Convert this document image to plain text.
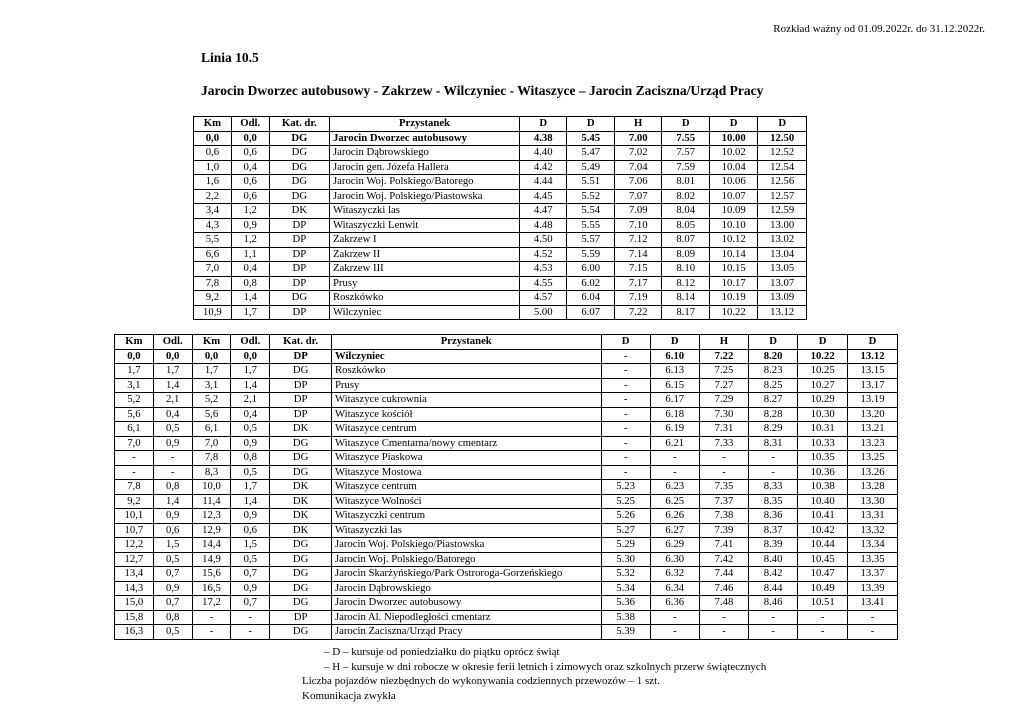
Rozkład ważny od 01.09.2022r. do 31.12.2022r.
Linia 10.5
Jarocin Dworzec autobusowy - Zakrzew - Wilczyniec - Witaszyce – Jarocin Zaciszna/Urząd Pracy
Km	Odl.	Kat. dr.	Przystanek	D	D	H	D	D	D
0,0	0,0	DG	Jarocin Dworzec autobusowy	4.38	5.45	7.00	7.55	10.00	12.50
0,6	0,6	DG	Jarocin Dąbrowskiego	4.40	5.47	7.02	7.57	10.02	12.52
1,0	0,4	DG	Jarocin gen. Józefa Hallera	4.42	5.49	7.04	7.59	10.04	12.54
1,6	0,6	DG	Jarocin Woj. Polskiego/Batorego	4.44	5.51	7.06	8.01	10.06	12.56
2,2	0,6	DG	Jarocin Woj. Polskiego/Piastowska	4.45	5.52	7.07	8.02	10.07	12.57
3,4	1,2	DK	Witaszyczki las	4.47	5.54	7.09	8.04	10.09	12.59
4,3	0,9	DP	Witaszyczki Lenwit	4.48	5.55	7.10	8.05	10.10	13.00
5,5	1,2	DP	Zakrzew I	4.50	5.57	7.12	8.07	10.12	13.02
6,6	1,1	DP	Zakrzew II	4.52	5.59	7.14	8.09	10.14	13.04
7,0	0,4	DP	Zakrzew III	4.53	6.00	7.15	8.10	10.15	13.05
7,8	0,8	DP	Prusy	4.55	6.02	7.17	8.12	10.17	13.07
9,2	1,4	DG	Roszkówko	4.57	6.04	7.19	8.14	10.19	13.09
10,9	1,7	DP	Wilczyniec	5.00	6.07	7.22	8.17	10.22	13.12
Km	Odl.	Km	Odl.	Kat. dr.	Przystanek	D	D	H	D	D	D
0,0	0,0	0,0	0,0	DP	Wilczyniec	-	6.10	7.22	8.20	10.22	13.12
1,7	1,7	1,7	1,7	DG	Roszkówko	-	6.13	7.25	8.23	10.25	13.15
3,1	1,4	3,1	1,4	DP	Prusy	-	6.15	7.27	8.25	10.27	13.17
5,2	2,1	5,2	2,1	DP	Witaszyce cukrownia	-	6.17	7.29	8.27	10.29	13.19
5,6	0,4	5,6	0,4	DP	Witaszyce kościół	-	6.18	7.30	8.28	10.30	13.20
6,1	0,5	6,1	0,5	DK	Witaszyce centrum	-	6.19	7.31	8.29	10.31	13.21
7,0	0,9	7,0	0,9	DG	Witaszyce Cmentarna/nowy cmentarz	-	6.21	7.33	8.31	10.33	13.23
-	-	7,8	0,8	DG	Witaszyce Piaskowa	-	-	-	-	10.35	13.25
-	-	8,3	0,5	DG	Witaszyce Mostowa	-	-	-	-	10.36	13.26
7,8	0,8	10,0	1,7	DK	Witaszyce centrum	5.23	6.23	7.35	8.33	10.38	13.28
9,2	1,4	11,4	1,4	DK	Witaszyce Wolności	5.25	6.25	7.37	8.35	10.40	13.30
10,1	0,9	12,3	0,9	DK	Witaszyczki centrum	5.26	6.26	7.38	8.36	10.41	13.31
10,7	0,6	12,9	0,6	DK	Witaszyczki las	5.27	6.27	7.39	8.37	10.42	13.32
12,2	1,5	14,4	1,5	DG	Jarocin Woj. Polskiego/Piastowska	5.29	6.29	7.41	8.39	10.44	13.34
12,7	0,5	14,9	0,5	DG	Jarocin Woj. Polskiego/Batorego	5.30	6.30	7.42	8.40	10.45	13.35
13,4	0,7	15,6	0,7	DG	Jarocin Skarżyńskiego/Park Ostroroga-Gorzeńskiego	5.32	6.32	7.44	8.42	10.47	13.37
14,3	0,9	16,5	0,9	DG	Jarocin Dąbrowskiego	5.34	6.34	7.46	8.44	10.49	13.39
15,0	0,7	17,2	0,7	DG	Jarocin Dworzec autobusowy	5.36	6.36	7.48	8.46	10.51	13.41
15,8	0,8	-	-	DP	Jarocin Al. Niepodległości cmentarz	5.38	-	-	-	-	-
16,3	0,5	-	-	DG	Jarocin Zaciszna/Urząd Pracy	5.39	-	-	-	-	-
– D – kursuje od poniedziałku do piątku oprócz świąt
– H – kursuje w dni robocze w okresie ferii letnich i zimowych oraz szkolnych przerw świątecznych
Liczba pojazdów niezbędnych do wykonywania codziennych przewozów – 1 szt.
Komunikacja zwykła
